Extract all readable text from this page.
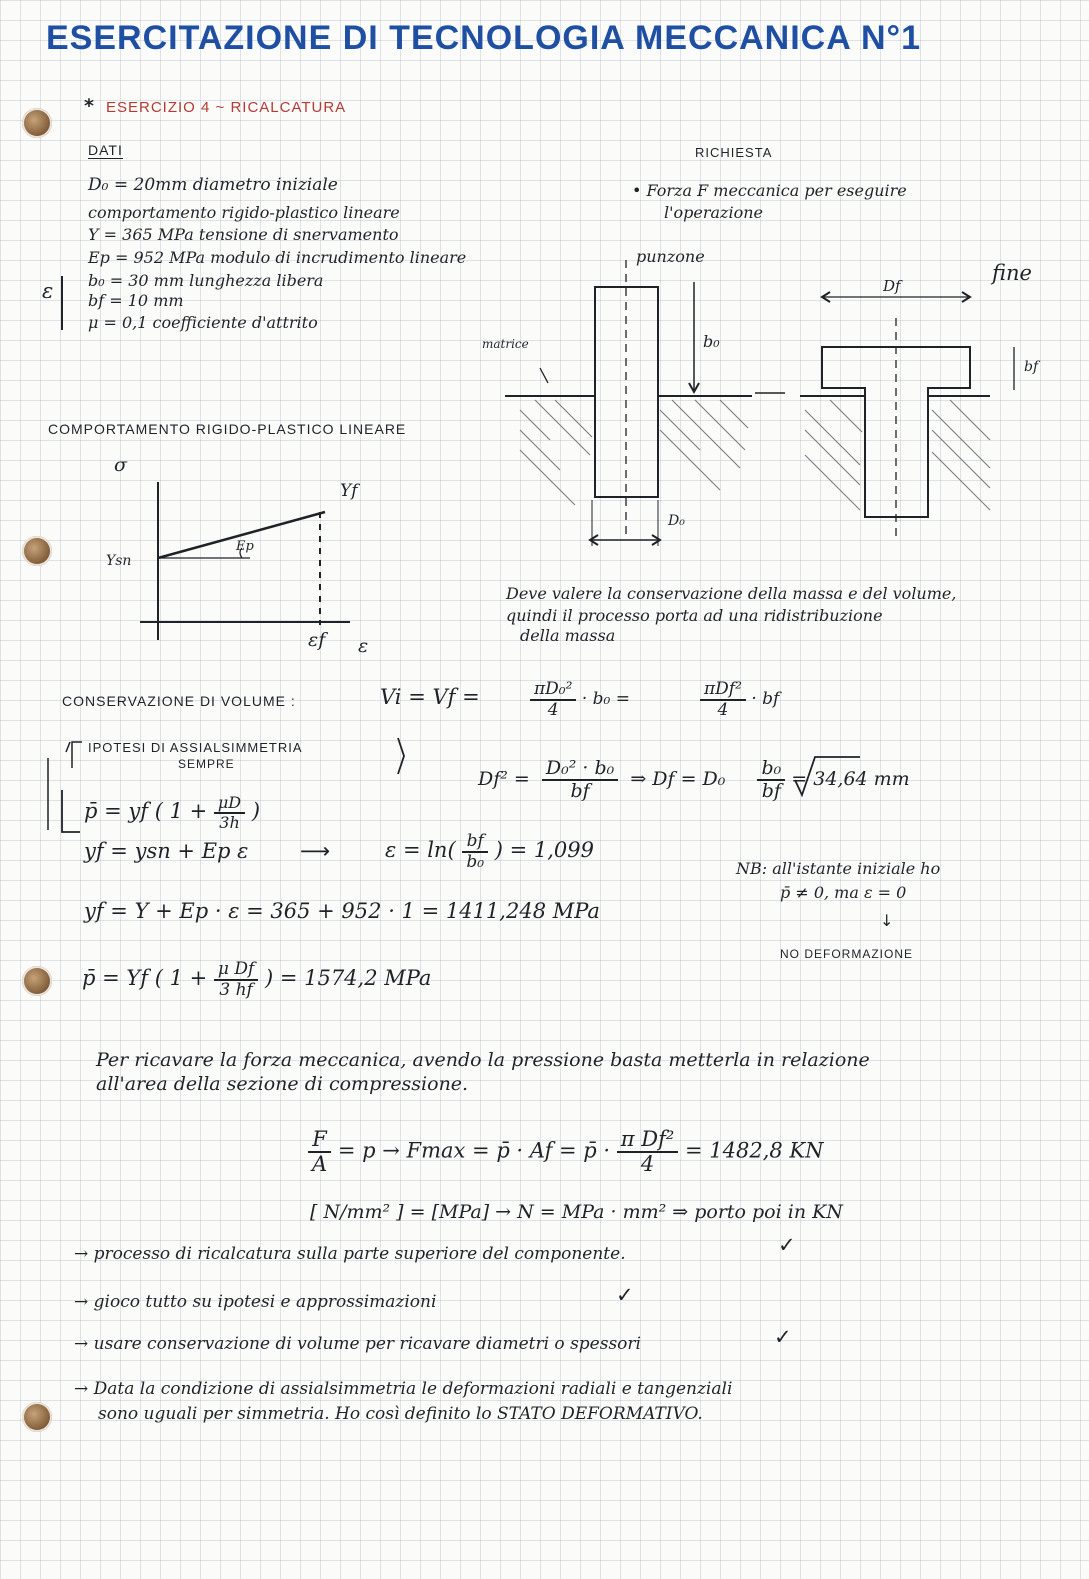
ESERCITAZIONE DI TECNOLOGIA MECCANICA N°1
* ESERCIZIO 4 ~ RICALCATURA
DATI
D₀ = 20mm diametro iniziale
comportamento rigido-plastico lineare
Y = 365 MPa tensione di snervamento
Ep = 952 MPa modulo di incrudimento lineare
b₀ = 30 mm lunghezza libera
bf = 10 mm
μ = 0,1 coefficiente d'attrito
ε
RICHIESTA
• Forza F meccanica per eseguire
l'operazione
punzone
fine
matrice	b₀
D₀
Df
bf
COMPORTAMENTO RIGIDO-PLASTICO LINEARE
σ
Yf
Ysn
Ep
εf ε
Deve valere la conservazione della massa e del volume,
quindi il processo porta ad una ridistribuzione
della massa
CONSERVAZIONE DI VOLUME :	Vi = Vf =	$\frac{\text{πD₀²}}{4} \cdot b_0$ =	$\frac{\text{πDf²}}{4}$ · bf
IPOTESI DI ASSIALSIMMETRIA
SEMPRE
$Df^2 = \frac{\text{D₀² · b₀}}{bf}$ ⇒ $Df = D_0 \frac{\text{b₀}}{bf} = 34,64$ mm
p̄ = yf ( $1 + \frac{\mu D}{3h}$ )
yf = ysn + Ep ε ⟶	$\varepsilon = \ln( \frac{bf}{\text{b₀}}$ ) = 1,099
NB: all'istante iniziale ho
p̄ ≠ 0, ma ε = 0
↓
NO DEFORMAZIONE
yf = Y + Ep · ε = 365 + 952 · 1 = 1411,248 MPa
p̄ = Yf ( $1 + \frac{\text{μ Df}}{3 hf}$ ) = 1574,2 MPa
Per ricavare la forza meccanica, avendo la pressione basta metterla in relazione
all'area della sezione di compressione.
$\frac{F}{A} = p \to Fmax$ = p̄ · Af = p̄ · $\frac{\text{π Df²}}{4} = 1482,8$ KN
[ N/mm² ] = [MPa] → N = MPa · mm² ⇒ porto poi in KN
→ processo di ricalcatura sulla parte superiore del componente.	✓
→ gioco tutto su ipotesi e approssimazioni	✓
→ usare conservazione di volume per ricavare diametri o spessori	✓
→ Data la condizione di assialsimmetria le deformazioni radiali e tangenziali
sono uguali per simmetria. Ho così definito lo STATO DEFORMATIVO.
